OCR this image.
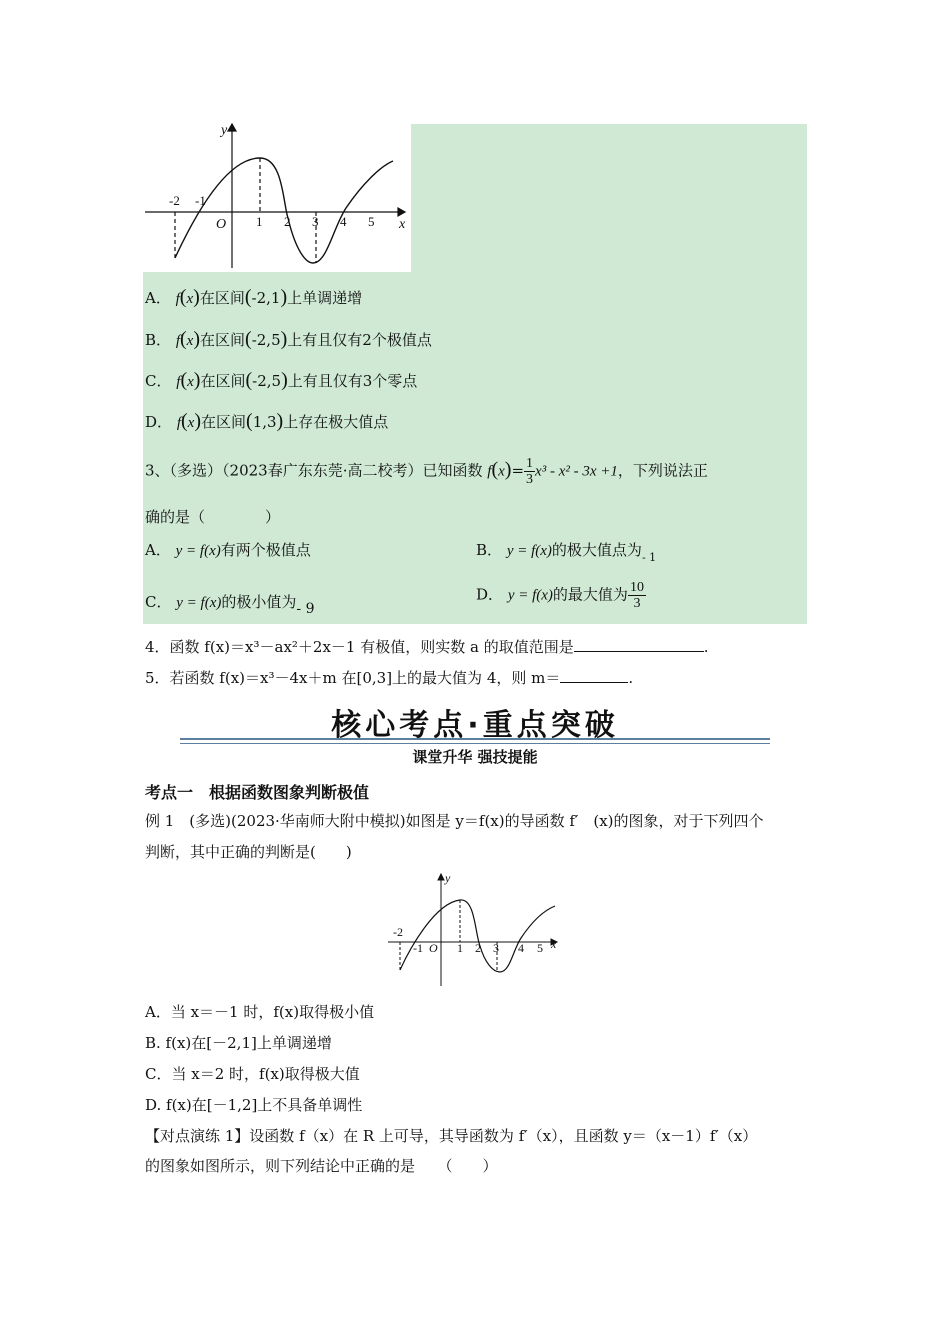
y
x
O
-2 -1
1 2 3 4 5
A． f(x)在区间(-2,1)上单调递增
B． f(x)在区间(-2,5)上有且仅有2个极值点
C． f(x)在区间(-2,5)上有且仅有3个零点
D． f(x)在区间(1,3)上存在极大值点
3、（多选）（2023春广东东莞·高二校考）已知函数 $f(x)= \frac{1}{3} x^3 - x^2 - 3x +1$，下列说法正
确的是（　　　　）
A． y = f(x)有两个极值点	B． y = f(x)的极大值点为$_{- 1}$
C． y = f(x)的极小值为- 9
D． y = f(x)的最大值为 $\frac{10}{3}$
4．函数 f(x)＝x³－ax²＋2x－1 有极值，则实数 a 的取值范围是	.
5．若函数 f(x)＝x³－4x＋m 在[0,3]上的最大值为 4，则 m＝	.
核心考点·重点突破
课堂升华 强技提能
考点一　根据函数图象判断极值
例 1　(多选)(2023·华南师大附中模拟)如图是 y＝f(x)的导函数 f′　(x)的图象，对于下列四个
判断，其中正确的判断是(　　)
y
x
O
-2
-1	1 2 3 4 5
A．当 x＝－1 时，f(x)取得极小值
B. f(x)在[－2,1]上单调递增
C．当 x＝2 时，f(x)取得极大值
D. f(x)在[－1,2]上不具备单调性
【对点演练 1】设函数 f（x）在 R 上可导，其导函数为 f′（x），且函数 y＝（x－1）f′（x）
的图象如图所示，则下列结论中正确的是　　（　　）
